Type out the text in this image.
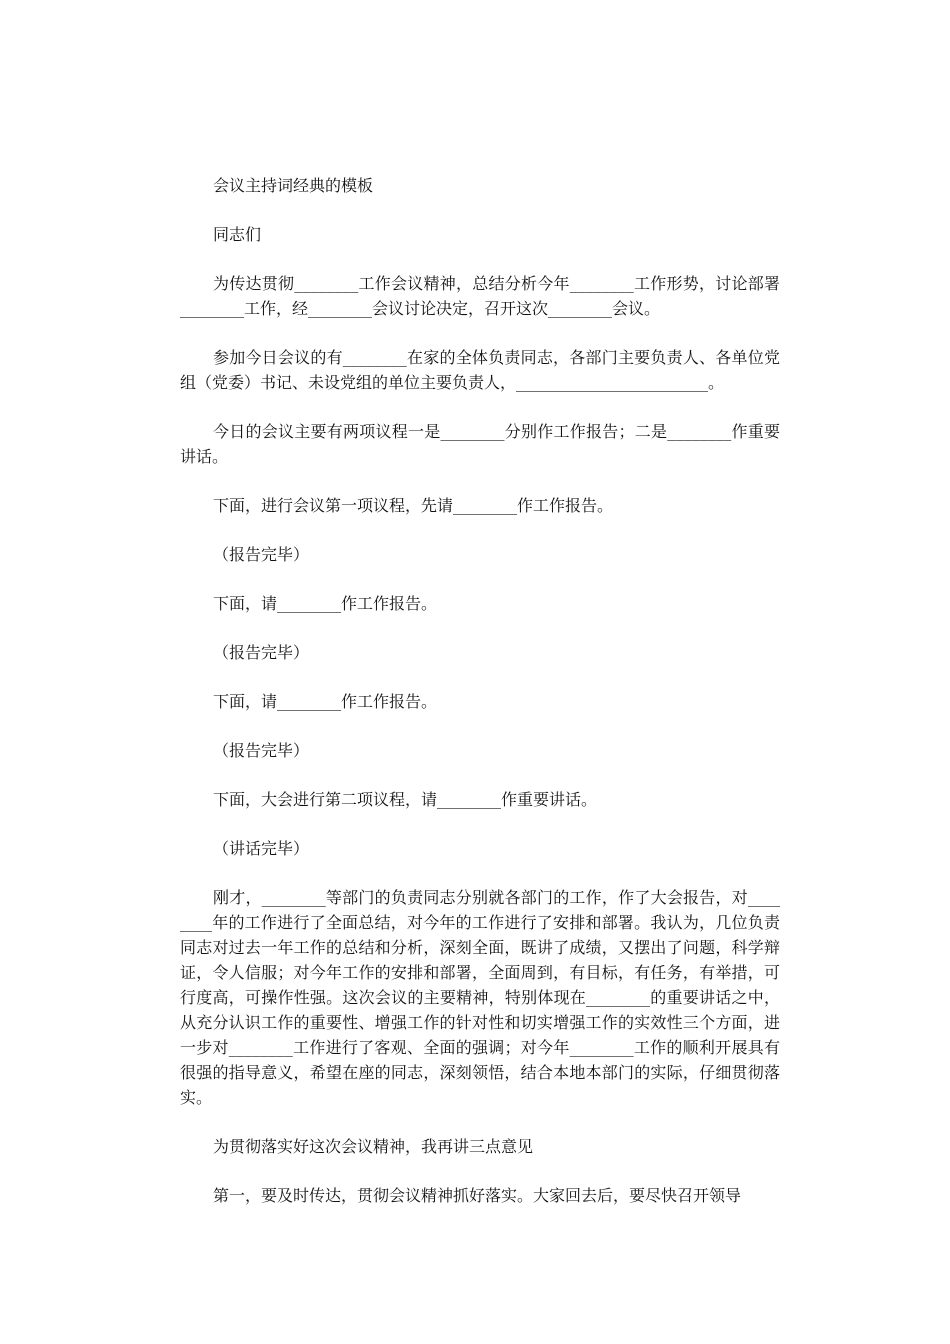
会议主持词经典的模板

同志们

为传达贯彻________工作会议精神，总结分析今年________工作形势，讨论部署________工作，经________会议讨论决定，召开这次________会议。

参加今日会议的有________在家的全体负责同志，各部门主要负责人、各单位党组（党委）书记、未设党组的单位主要负责人，________________________。

今日的会议主要有两项议程一是________分别作工作报告；二是________作重要讲话。

下面，进行会议第一项议程，先请________作工作报告。

（报告完毕）

下面，请________作工作报告。

（报告完毕）

下面，请________作工作报告。

（报告完毕）

下面，大会进行第二项议程，请________作重要讲话。

（讲话完毕）

刚才，________等部门的负责同志分别就各部门的工作，作了大会报告，对________年的工作进行了全面总结，对今年的工作进行了安排和部署。我认为，几位负责同志对过去一年工作的总结和分析，深刻全面，既讲了成绩，又摆出了问题，科学辩证，令人信服；对今年工作的安排和部署，全面周到，有目标，有任务，有举措，可行度高，可操作性强。这次会议的主要精神，特别体现在________的重要讲话之中，从充分认识工作的重要性、增强工作的针对性和切实增强工作的实效性三个方面，进一步对________工作进行了客观、全面的强调；对今年________工作的顺利开展具有很强的指导意义，希望在座的同志，深刻领悟，结合本地本部门的实际，仔细贯彻落实。

为贯彻落实好这次会议精神，我再讲三点意见

第一，要及时传达，贯彻会议精神抓好落实。大家回去后，要尽快召开领导
